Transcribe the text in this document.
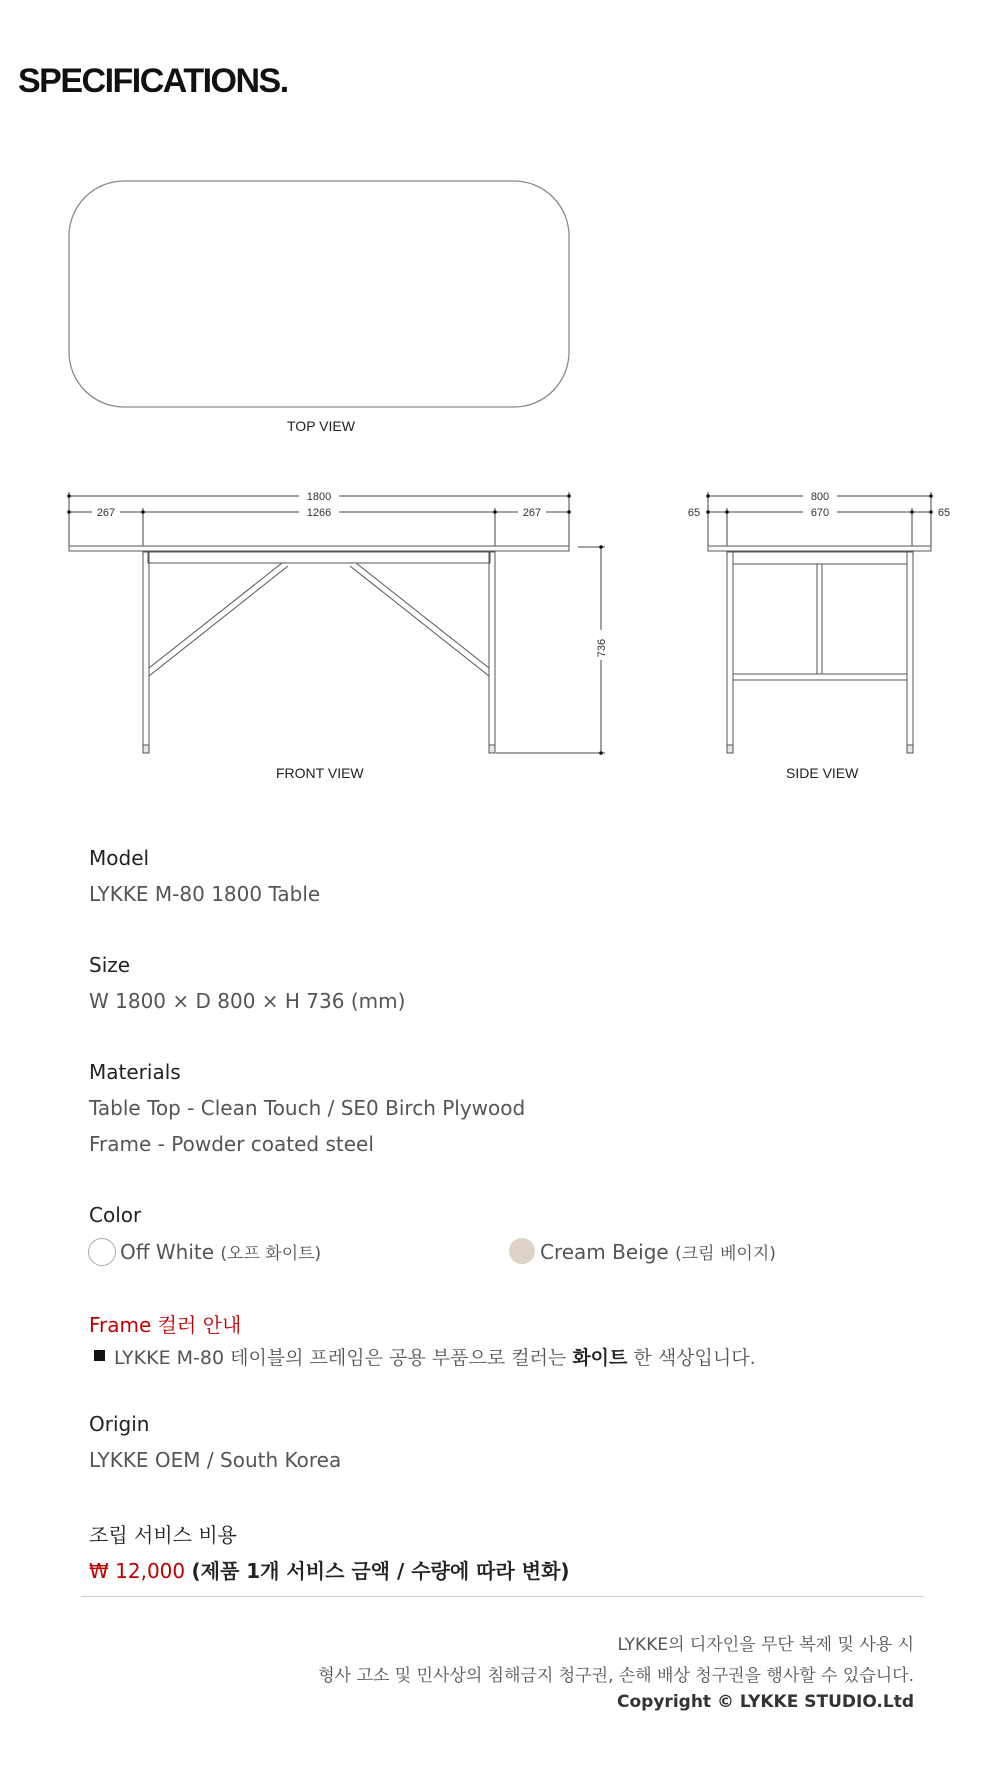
SPECIFICATIONS.
1800
267	1266	267
736
800
65	670	65
TOP VIEW
FRONT VIEW	SIDE VIEW
Model
LYKKE M-80 1800 Table
Size
W 1800 × D 800 × H 736 (mm)
Materials
Table Top - Clean Touch / SE0 Birch Plywood
Frame - Powder coated steel
Color
Off White (오프 화이트)	Cream Beige (크림 베이지)
Frame 컬러 안내
LYKKE M-80 테이블의 프레임은 공용 부품으로 컬러는 화이트 한 색상입니다.
Origin
LYKKE OEM / South Korea
조립 서비스 비용
₩ 12,000 (제품 1개 서비스 금액 / 수량에 따라 변화)
LYKKE의 디자인을 무단 복제 및 사용 시
형사 고소 및 민사상의 침해금지 청구권, 손해 배상 청구권을 행사할 수 있습니다.
Copyright © LYKKE STUDIO.Ltd
